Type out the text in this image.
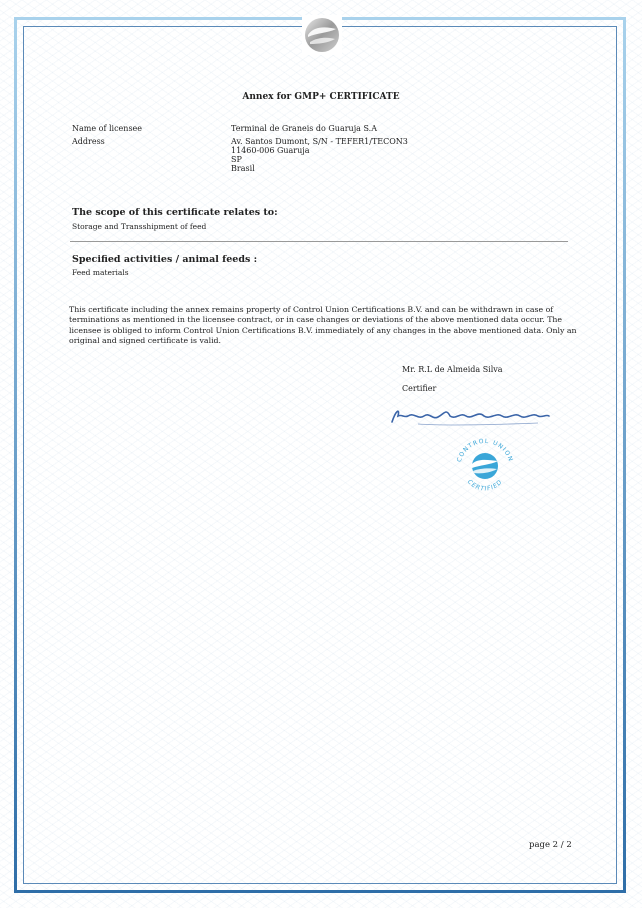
Annex for GMP+ CERTIFICATE
Name of licensee	Terminal de Graneis do Guaruja S.A
Address	Av. Santos Dumont, S/N - TEFER1/TECON3
11460-006 Guaruja
SP
Brasil
The scope of this certificate relates to:
Storage and Transshipment of feed
Specified activities / animal feeds :
Feed materials
This certificate including the annex remains property of Control Union Certifications B.V. and can be withdrawn in case of terminations as mentioned in the licensee contract, or in case changes or deviations of the above mentioned data occur. The licensee is obliged to inform Control Union Certifications B.V. immediately of any changes in the above mentioned data. Only an original and signed certificate is valid.
Mr. R.L de Almeida Silva
Certifier
CONTROL UNION
CERTIFIED
page 2 / 2
